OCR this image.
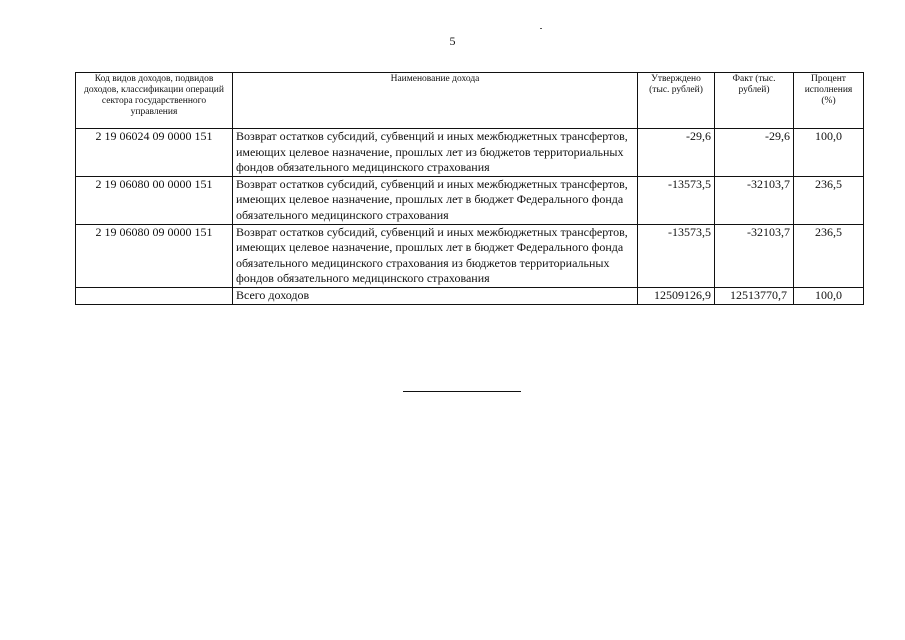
5
Код видов доходов, подвидов доходов, классификации операций сектора государственного управления	Наименование дохода	Утверждено (тыс. рублей)	Факт (тыс. рублей)	Процент исполнения (%)
2 19 06024 09 0000 151	Возврат остатков субсидий, субвенций и иных межбюджетных трансфертов, имеющих целевое назначение, прошлых лет из бюджетов территориальных фондов обязательного медицинского страхования	-29,6	-29,6	100,0
2 19 06080 00 0000 151	Возврат остатков субсидий, субвенций и иных межбюджетных трансфертов, имеющих целевое назначение, прошлых лет в бюджет Федерального фонда обязательного медицинского страхования	-13573,5	-32103,7	236,5
2 19 06080 09 0000 151	Возврат остатков субсидий, субвенций и иных межбюджетных трансфертов, имеющих целевое назначение, прошлых лет в бюджет Федерального фонда обязательного медицинского страхования из бюджетов территориальных фондов обязательного медицинского страхования	-13573,5	-32103,7	236,5
	Всего доходов	12509126,9	12513770,7	100,0
